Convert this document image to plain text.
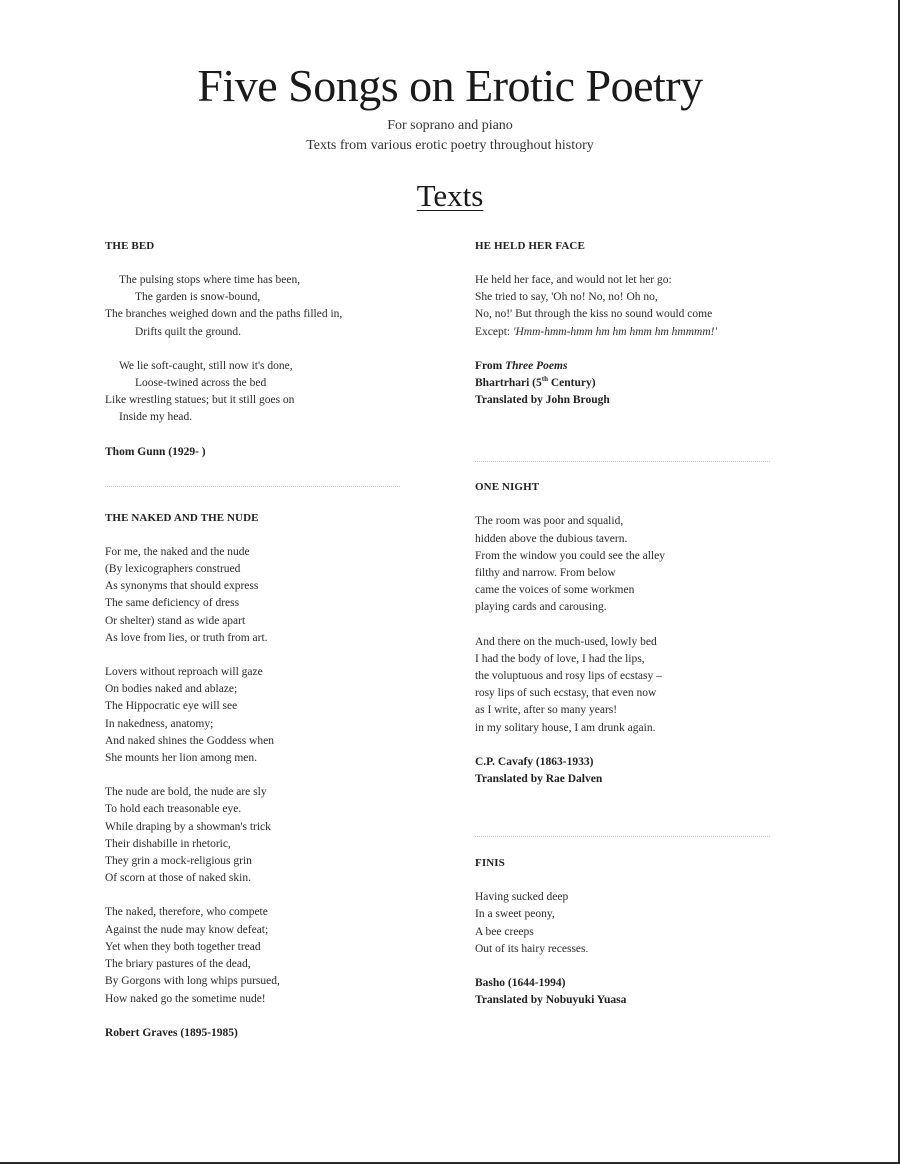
Five Songs on Erotic Poetry
For soprano and piano
Texts from various erotic poetry throughout history
Texts
THE BED
The pulsing stops where time has been,
The garden is snow-bound,
The branches weighed down and the paths filled in,
Drifts quilt the ground.
We lie soft-caught, still now it's done,
Loose-twined across the bed
Like wrestling statues; but it still goes on
Inside my head.
Thom Gunn (1929- )
THE NAKED AND THE NUDE
For me, the naked and the nude
(By lexicographers construed
As synonyms that should express
The same deficiency of dress
Or shelter) stand as wide apart
As love from lies, or truth from art.
Lovers without reproach will gaze
On bodies naked and ablaze;
The Hippocratic eye will see
In nakedness, anatomy;
And naked shines the Goddess when
She mounts her lion among men.
The nude are bold, the nude are sly
To hold each treasonable eye.
While draping by a showman's trick
Their dishabille in rhetoric,
They grin a mock-religious grin
Of scorn at those of naked skin.
The naked, therefore, who compete
Against the nude may know defeat;
Yet when they both together tread
The briary pastures of the dead,
By Gorgons with long whips pursued,
How naked go the sometime nude!
Robert Graves (1895-1985)
HE HELD HER FACE
He held her face, and would not let her go:
She tried to say, 'Oh no! No, no! Oh no,
No, no!' But through the kiss no sound would come
Except: 'Hmm-hmm-hmm hm hm hmm hm hmmmm!'
From Three Poems
Bhartrhari (5th Century)
Translated by John Brough
ONE NIGHT
The room was poor and squalid,
hidden above the dubious tavern.
From the window you could see the alley
filthy and narrow. From below
came the voices of some workmen
playing cards and carousing.
And there on the much-used, lowly bed
I had the body of love, I had the lips,
the voluptuous and rosy lips of ecstasy –
rosy lips of such ecstasy, that even now
as I write, after so many years!
in my solitary house, I am drunk again.
C.P. Cavafy (1863-1933)
Translated by Rae Dalven
FINIS
Having sucked deep
In a sweet peony,
A bee creeps
Out of its hairy recesses.
Basho (1644-1994)
Translated by Nobuyuki Yuasa
